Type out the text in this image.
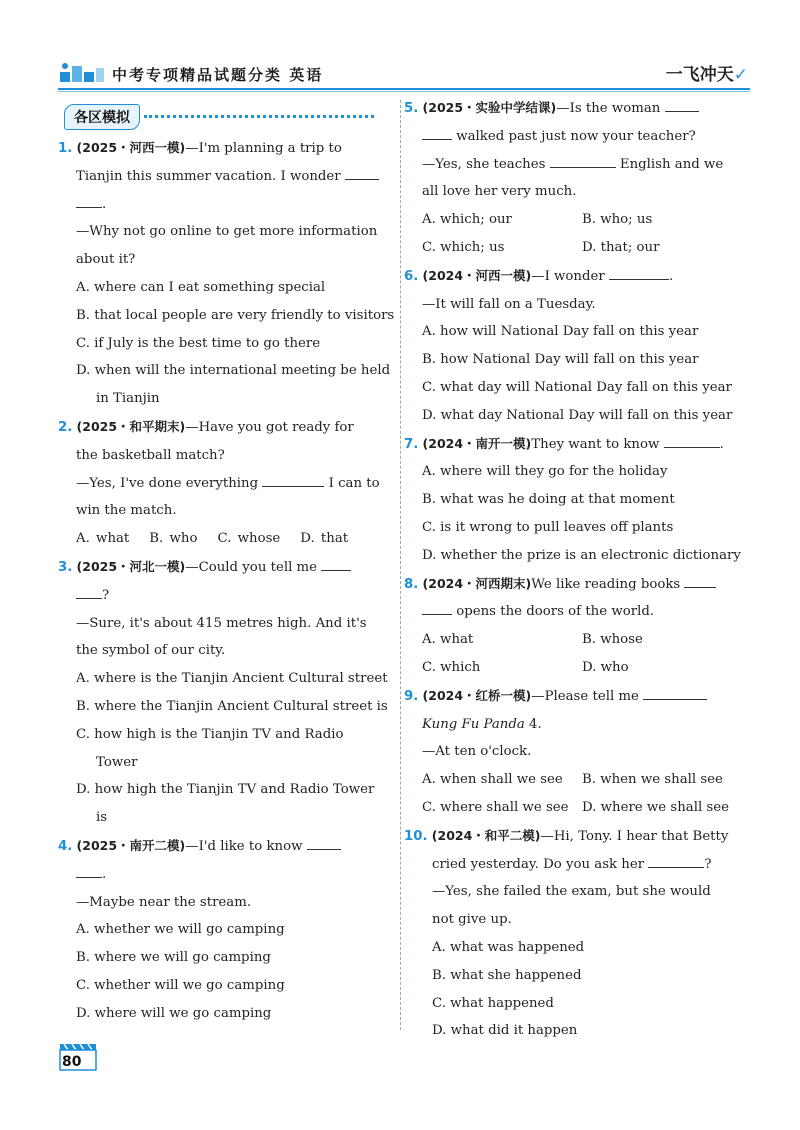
中考专项精品试题分类 英语	一飞冲天✓
各区模拟
1. (2025・河西一模)—I'm planning a trip to
Tianjin this summer vacation. I wonder
.
—Why not go online to get more information
about it?
A. where can I eat something special
B. that local people are very friendly to visitors
C. if July is the best time to go there
D. when will the international meeting be held
in Tianjin
2. (2025・和平期末)—Have you got ready for
the basketball match?
—Yes, I've done everything	I can to
win the match.
A. what B. who C. whose D. that
3. (2025・河北一模)—Could you tell me
?
—Sure, it's about 415 metres high. And it's
the symbol of our city.
A. where is the Tianjin Ancient Cultural street
B. where the Tianjin Ancient Cultural street is
C. how high is the Tianjin TV and Radio
Tower
D. how high the Tianjin TV and Radio Tower
is
4. (2025・南开二模)—I'd like to know
.
—Maybe near the stream.
A. whether we will go camping
B. where we will go camping
C. whether will we go camping
D. where will we go camping
5. (2025・实验中学结课)—Is the woman
walked past just now your teacher?
—Yes, she teaches	English and we
all love her very much.
A. which; our	B. who; us
C. which; us	D. that; our
6. (2024・河西一模)—I wonder	.
—It will fall on a Tuesday.
A. how will National Day fall on this year
B. how National Day will fall on this year
C. what day will National Day fall on this year
D. what day National Day will fall on this year
7. (2024・南开一模)They want to know	.
A. where will they go for the holiday
B. what was he doing at that moment
C. is it wrong to pull leaves off plants
D. whether the prize is an electronic dictionary
8. (2024・河西期末)We like reading books
opens the doors of the world.
A. what	B. whose
C. which	D. who
9. (2024・红桥一模)—Please tell me
Kung Fu Panda 4.
—At ten o'clock.
A. when shall we see	B. when we shall see
C. where shall we see	D. where we shall see
10. (2024・和平二模)—Hi, Tony. I hear that Betty
cried yesterday. Do you ask her	?
—Yes, she failed the exam, but she would
not give up.
A. what was happened
B. what she happened
C. what happened
D. what did it happen
80
